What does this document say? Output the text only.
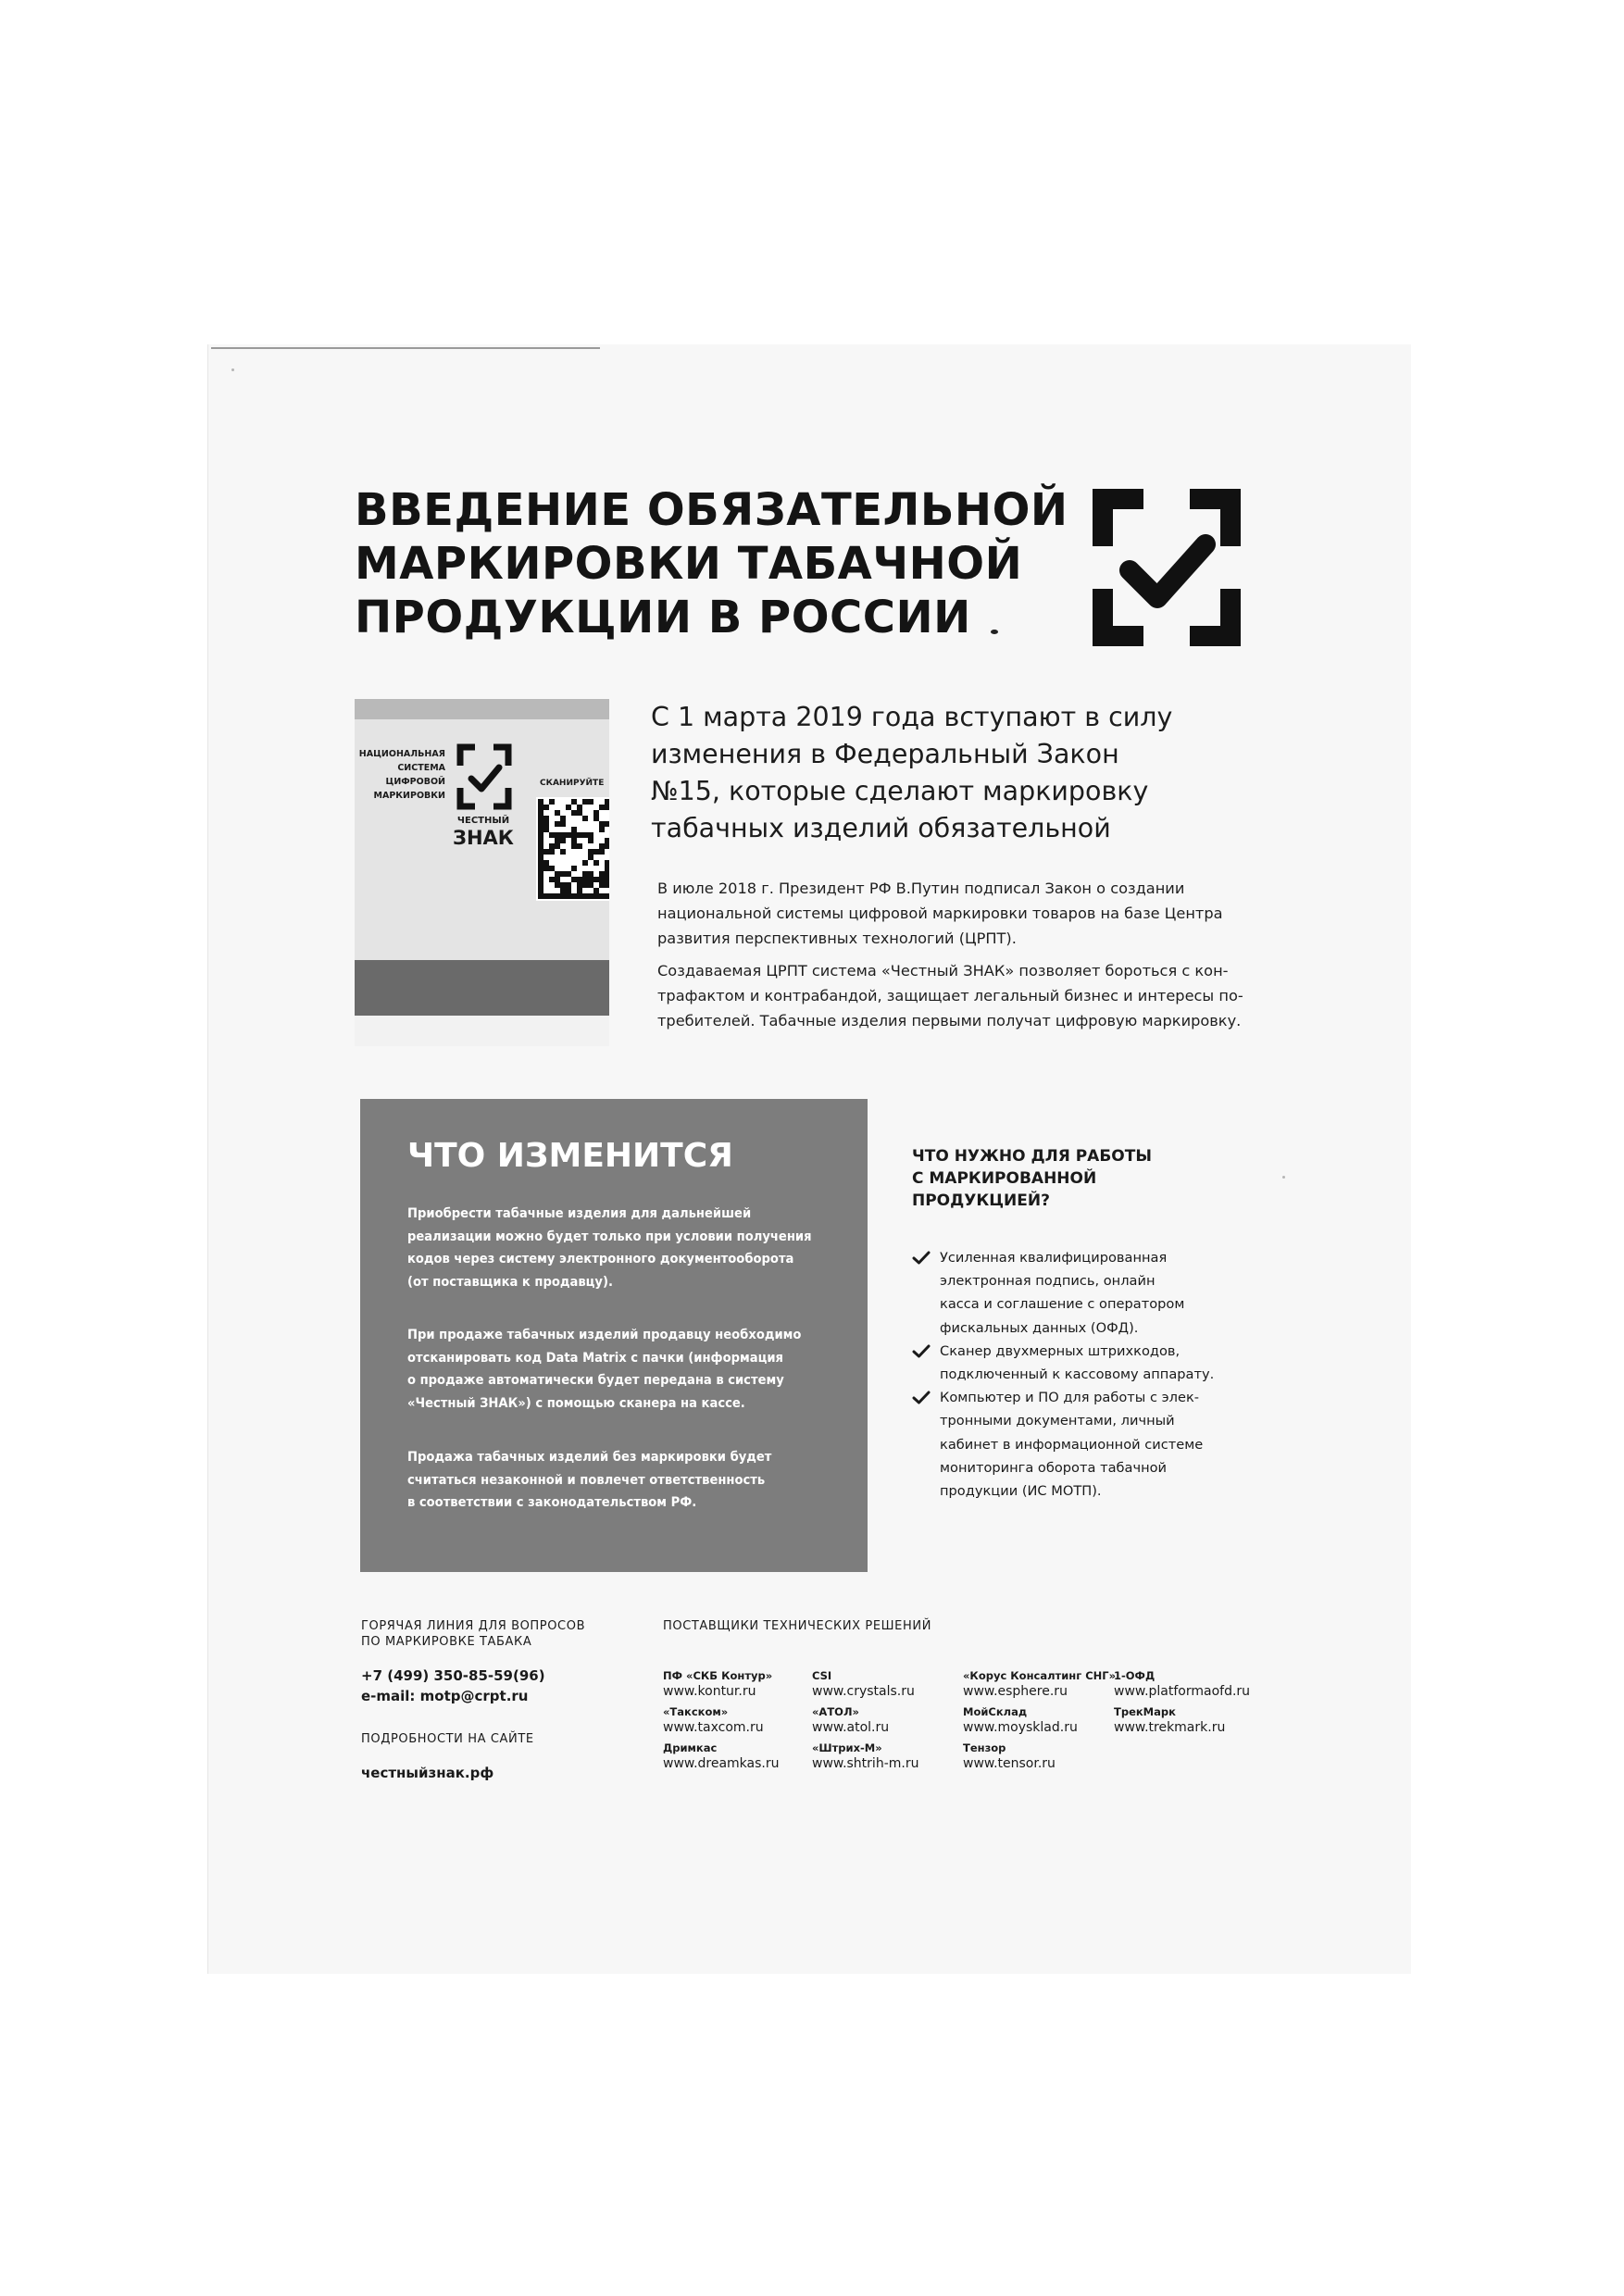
ВВЕДЕНИЕ ОБЯЗАТЕЛЬНОЙ
МАРКИРОВКИ ТАБАЧНОЙ
ПРОДУКЦИИ В РОССИИ
НАЦИОНАЛЬНАЯ
СИСТЕМА
ЦИФРОВОЙ
МАРКИРОВКИ
ЧЕСТНЫЙ
ЗНАК
СКАНИРУЙТЕ
С 1 марта 2019 года вступают в силу
изменения в Федеральный Закон
№15, которые сделают маркировку
табачных изделий обязательной
В июле 2018 г. Президент РФ В.Путин подписал Закон о создании
национальной системы цифровой маркировки товаров на базе Центра
развития перспективных технологий (ЦРПТ).
Создаваемая ЦРПТ система «Честный ЗНАК» позволяет бороться с кон-
трафактом и контрабандой, защищает легальный бизнес и интересы по-
требителей. Табачные изделия первыми получат цифровую маркировку.
ЧТО ИЗМЕНИТСЯ
Приобрести табачные изделия для дальнейшей
реализации можно будет только при условии получения
кодов через систему электронного документооборота
(от поставщика к продавцу).
При продаже табачных изделий продавцу необходимо
отсканировать код Data Matrix с пачки (информация
о продаже автоматически будет передана в систему
«Честный ЗНАК») с помощью сканера на кассе.
Продажа табачных изделий без маркировки будет
считаться незаконной и повлечет ответственность
в соответствии с законодательством РФ.
ЧТО НУЖНО ДЛЯ РАБОТЫ
С МАРКИРОВАННОЙ
ПРОДУКЦИЕЙ?
Усиленная квалифицированная
электронная подпись, онлайн
касса и соглашение с оператором
фискальных данных (ОФД).
Сканер двухмерных штрихкодов,
подключенный к кассовому аппарату.
Компьютер и ПО для работы с элек-
тронными документами, личный
кабинет в информационной системе
мониторинга оборота табачной
продукции (ИС МОТП).
ГОРЯЧАЯ ЛИНИЯ ДЛЯ ВОПРОСОВ
ПО МАРКИРОВКЕ ТАБАКА
+7 (499) 350-85-59(96)
e-mail: motp@crpt.ru
ПОДРОБНОСТИ НА САЙТЕ
честныйзнак.рф
ПОСТАВЩИКИ ТЕХНИЧЕСКИХ РЕШЕНИЙ
ПФ «СКБ Контур»
www.kontur.ru
«Такском»
www.taxcom.ru
Дримкас
www.dreamkas.ru
CSI
www.crystals.ru
«АТОЛ»
www.atol.ru
«Штрих-М»
www.shtrih-m.ru
«Корус Консалтинг СНГ»
www.esphere.ru
МойСклад
www.moysklad.ru
Тензор
www.tensor.ru
1-ОФД
www.platformaofd.ru
ТрекМарк
www.trekmark.ru
